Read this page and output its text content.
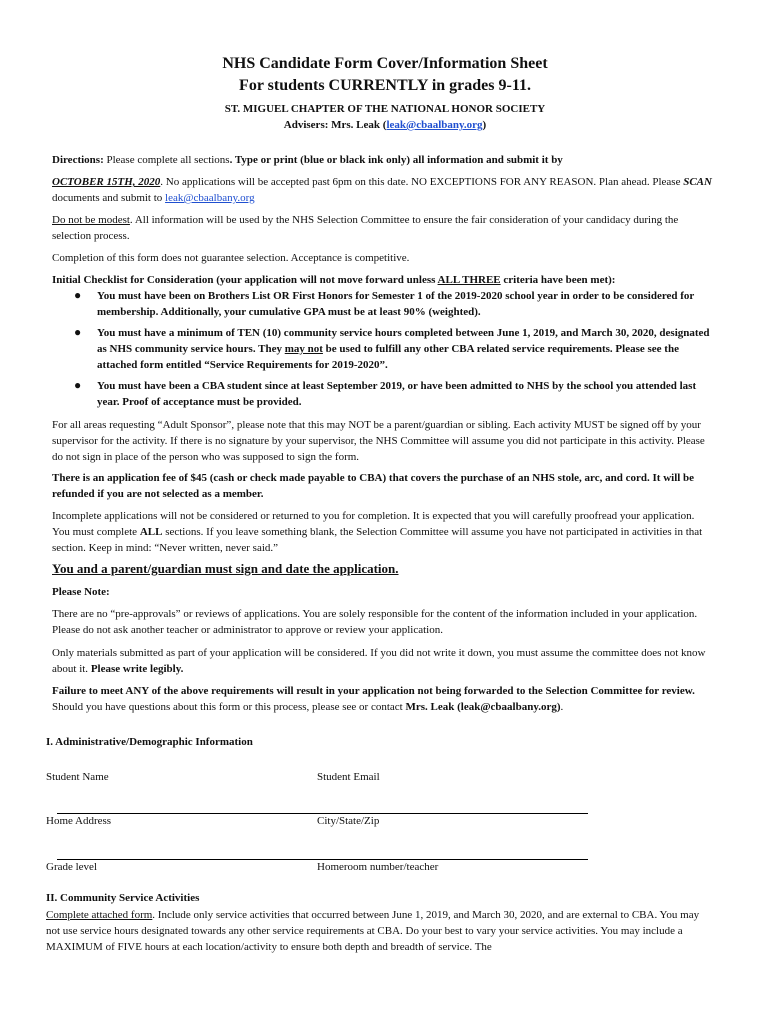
NHS Candidate Form Cover/Information Sheet
For students CURRENTLY in grades 9-11.
ST. MIGUEL CHAPTER OF THE NATIONAL HONOR SOCIETY
Advisers: Mrs. Leak (leak@cbaalbany.org)
Directions: Please complete all sections. Type or print (blue or black ink only) all information and submit it by
OCTOBER 15TH, 2020. No applications will be accepted past 6pm on this date. NO EXCEPTIONS FOR ANY REASON. Plan ahead. Please SCAN documents and submit to leak@cbaalbany.org
Do not be modest. All information will be used by the NHS Selection Committee to ensure the fair consideration of your candidacy during the selection process.
Completion of this form does not guarantee selection. Acceptance is competitive.
Initial Checklist for Consideration (your application will not move forward unless ALL THREE criteria have been met):
● You must have been on Brothers List OR First Honors for Semester 1 of the 2019-2020 school year in order to be considered for membership. Additionally, your cumulative GPA must be at least 90% (weighted).
● You must have a minimum of TEN (10) community service hours completed between June 1, 2019, and March 30, 2020, designated as NHS community service hours. They may not be used to fulfill any other CBA related service requirements. Please see the attached form entitled “Service Requirements for 2019-2020”.
● You must have been a CBA student since at least September 2019, or have been admitted to NHS by the school you attended last year. Proof of acceptance must be provided.
For all areas requesting “Adult Sponsor”, please note that this may NOT be a parent/guardian or sibling. Each activity MUST be signed off by your supervisor for the activity. If there is no signature by your supervisor, the NHS Committee will assume you did not participate in this activity. Please do not sign in place of the person who was supposed to sign the form.
There is an application fee of $45 (cash or check made payable to CBA) that covers the purchase of an NHS stole, arc, and cord. It will be refunded if you are not selected as a member.
Incomplete applications will not be considered or returned to you for completion. It is expected that you will carefully proofread your application. You must complete ALL sections. If you leave something blank, the Selection Committee will assume you have not participated in activities in that section. Keep in mind: “Never written, never said.”
You and a parent/guardian must sign and date the application.
Please Note:
There are no “pre-approvals” or reviews of applications. You are solely responsible for the content of the information included in your application. Please do not ask another teacher or administrator to approve or review your application.
Only materials submitted as part of your application will be considered. If you did not write it down, you must assume the committee does not know about it. Please write legibly.
Failure to meet ANY of the above requirements will result in your application not being forwarded to the Selection Committee for review. Should you have questions about this form or this process, please see or contact Mrs. Leak (leak@cbaalbany.org).
I. Administrative/Demographic Information
Student Name	Student Email
Home Address	City/State/Zip
Grade level	Homeroom number/teacher
II. Community Service Activities
Complete attached form. Include only service activities that occurred between June 1, 2019, and March 30, 2020, and are external to CBA. You may not use service hours designated towards any other service requirements at CBA. Do your best to vary your service activities. You may include a MAXIMUM of FIVE hours at each location/activity to ensure both depth and breadth of service. The
